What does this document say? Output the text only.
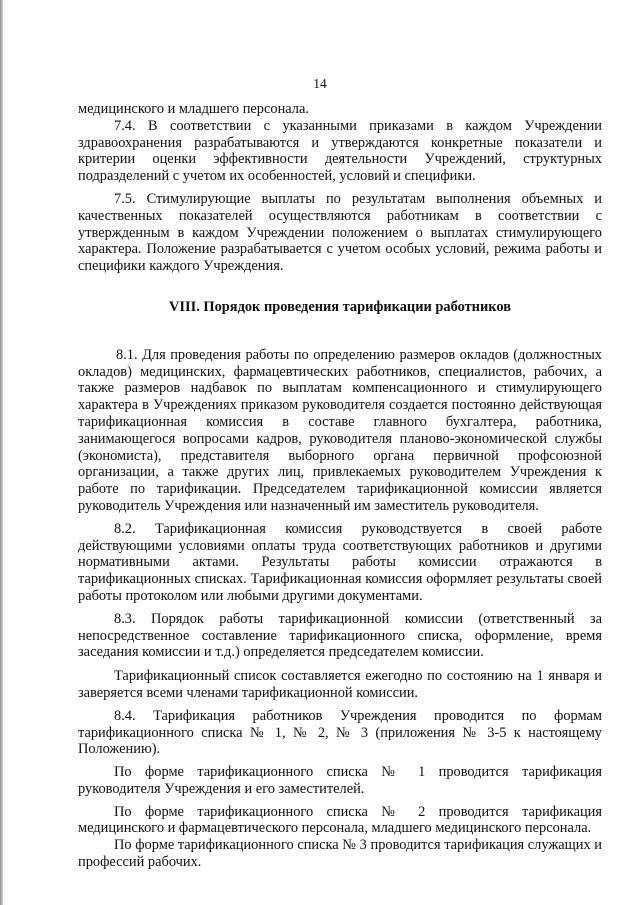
14

медицинского и младшего персонала.

7.4. В соответствии с указанными приказами в каждом Учреждении здравоохранения разрабатываются и утверждаются конкретные показатели и критерии оценки эффективности деятельности Учреждений, структурных подразделений с учетом их особенностей, условий и специфики.

7.5. Стимулирующие выплаты по результатам выполнения объемных и качественных показателей осуществляются работникам в соответствии с утвержденным в каждом Учреждении положением о выплатах стимулирующего характера. Положение разрабатывается с учетом особых условий, режима работы и специфики каждого Учреждения.

VIII. Порядок проведения тарификации работников

8.1. Для проведения работы по определению размеров окладов (должностных окладов) медицинских, фармацевтических работников, специалистов, рабочих, а также размеров надбавок по выплатам компенсационного и стимулирующего характера в Учреждениях приказом руководителя создается постоянно действующая тарификационная комиссия в составе главного бухгалтера, работника, занимающегося вопросами кадров, руководителя планово-экономической службы (экономиста), представителя выборного органа первичной профсоюзной организации, а также других лиц, привлекаемых руководителем Учреждения к работе по тарификации. Председателем тарификационной комиссии является руководитель Учреждения или назначенный им заместитель руководителя.

8.2. Тарификационная комиссия руководствуется в своей работе действующими условиями оплаты труда соответствующих работников и другими нормативными актами. Результаты работы комиссии отражаются в тарификационных списках. Тарификационная комиссия оформляет результаты своей работы протоколом или любыми другими документами.

8.3. Порядок работы тарификационной комиссии (ответственный за непосредственное составление тарификационного списка, оформление, время заседания комиссии и т.д.) определяется председателем комиссии.

Тарификационный список составляется ежегодно по состоянию на 1 января и заверяется всеми членами тарификационной комиссии.

8.4. Тарификация работников Учреждения проводится по формам тарификационного списка № 1, № 2, № 3 (приложения № 3-5 к настоящему Положению).

По форме тарификационного списка № 1 проводится тарификация руководителя Учреждения и его заместителей.

По форме тарификационного списка № 2 проводится тарификация медицинского и фармацевтического персонала, младшего медицинского персонала.

По форме тарификационного списка № 3 проводится тарификация служащих и профессий рабочих.
